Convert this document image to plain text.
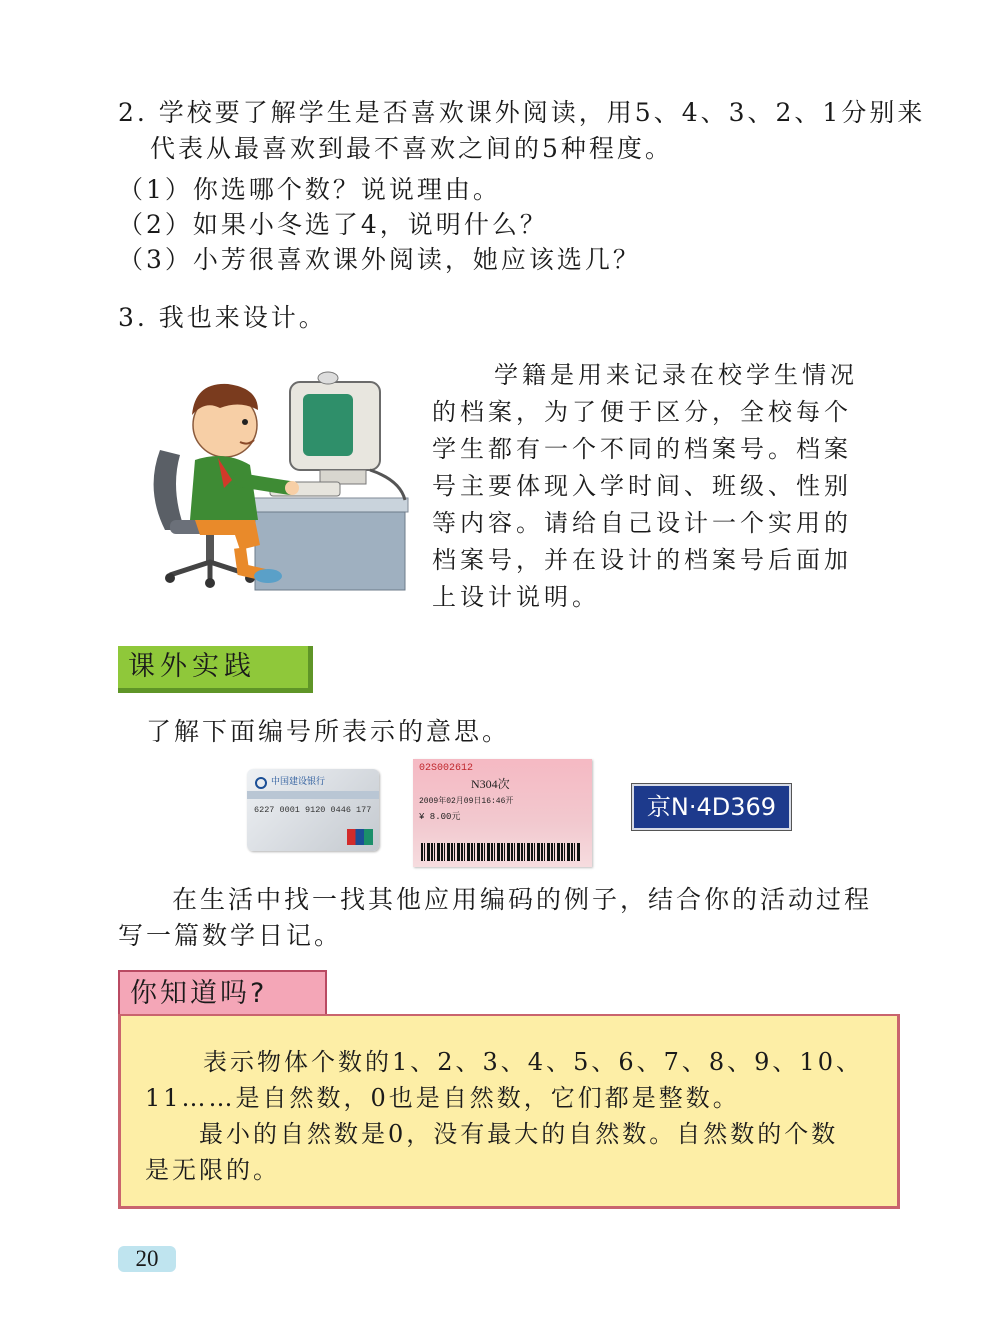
2. 学校要了解学生是否喜欢课外阅读，用5、4、3、2、1分别来
代表从最喜欢到最不喜欢之间的5种程度。
（1）你选哪个数？说说理由。
（2）如果小冬选了4，说明什么？
（3）小芳很喜欢课外阅读，她应该选几？
3. 我也来设计。
学籍是用来记录在校学生情况
的档案，为了便于区分，全校每个
学生都有一个不同的档案号。档案
号主要体现入学时间、班级、性别
等内容。请给自己设计一个实用的
档案号，并在设计的档案号后面加
上设计说明。
课外实践
了解下面编号所表示的意思。
中国建设银行
6227 0001 9120 0446 177
02S002612
N304次
2009年02月09日16:46开
¥ 8.00元	京N·4D369
在生活中找一找其他应用编码的例子，结合你的活动过程
写一篇数学日记。
你知道吗?
表示物体个数的1、2、3、4、5、6、7、8、9、10、
11……是自然数，0也是自然数，它们都是整数。
最小的自然数是0，没有最大的自然数。自然数的个数
是无限的。
20
